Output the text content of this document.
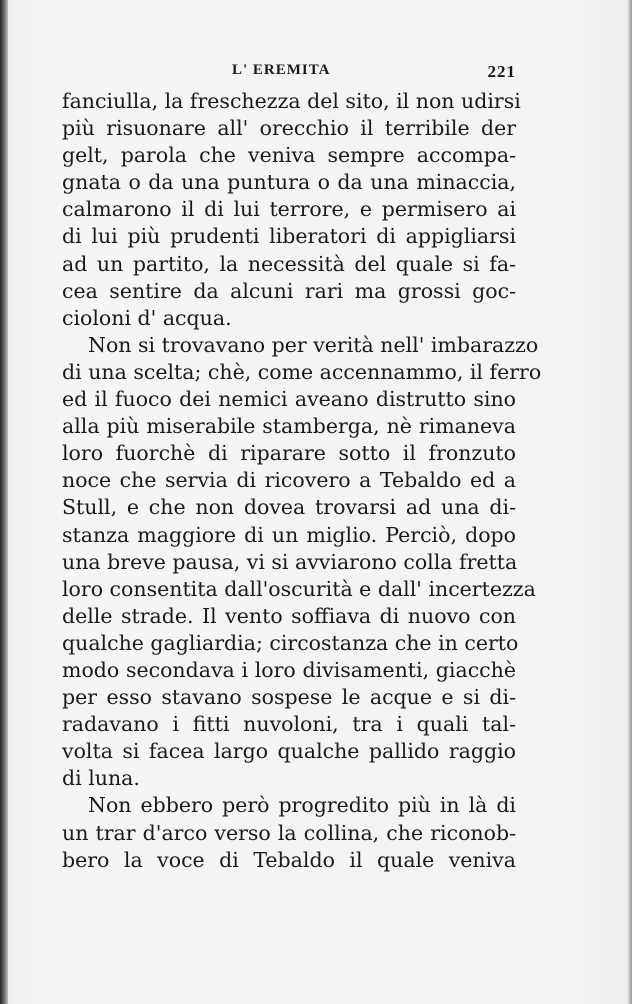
L' EREMITA	221
fanciulla, la freschezza del sito, il non udirsi
più risuonare all' orecchio il terribile der
gelt, parola che veniva sempre accompa-
gnata o da una puntura o da una minaccia,
calmarono il di lui terrore, e permisero ai
di lui più prudenti liberatori di appigliarsi
ad un partito, la necessità del quale si fa-
cea sentire da alcuni rari ma grossi goc-
cioloni d' acqua.
Non si trovavano per verità nell' imbarazzo
di una scelta; chè, come accennammo, il ferro
ed il fuoco dei nemici aveano distrutto sino
alla più miserabile stamberga, nè rimaneva
loro fuorchè di riparare sotto il fronzuto
noce che servia di ricovero a Tebaldo ed a
Stull, e che non dovea trovarsi ad una di-
stanza maggiore di un miglio. Perciò, dopo
una breve pausa, vi si avviarono colla fretta
loro consentita dall'oscurità e dall' incertezza
delle strade. Il vento soffiava di nuovo con
qualche gagliardia; circostanza che in certo
modo secondava i loro divisamenti, giacchè
per esso stavano sospese le acque e si di-
radavano i fitti nuvoloni, tra i quali tal-
volta si facea largo qualche pallido raggio
di luna.
Non ebbero però progredito più in là di
un trar d'arco verso la collina, che riconob-
bero la voce di Tebaldo il quale veniva
